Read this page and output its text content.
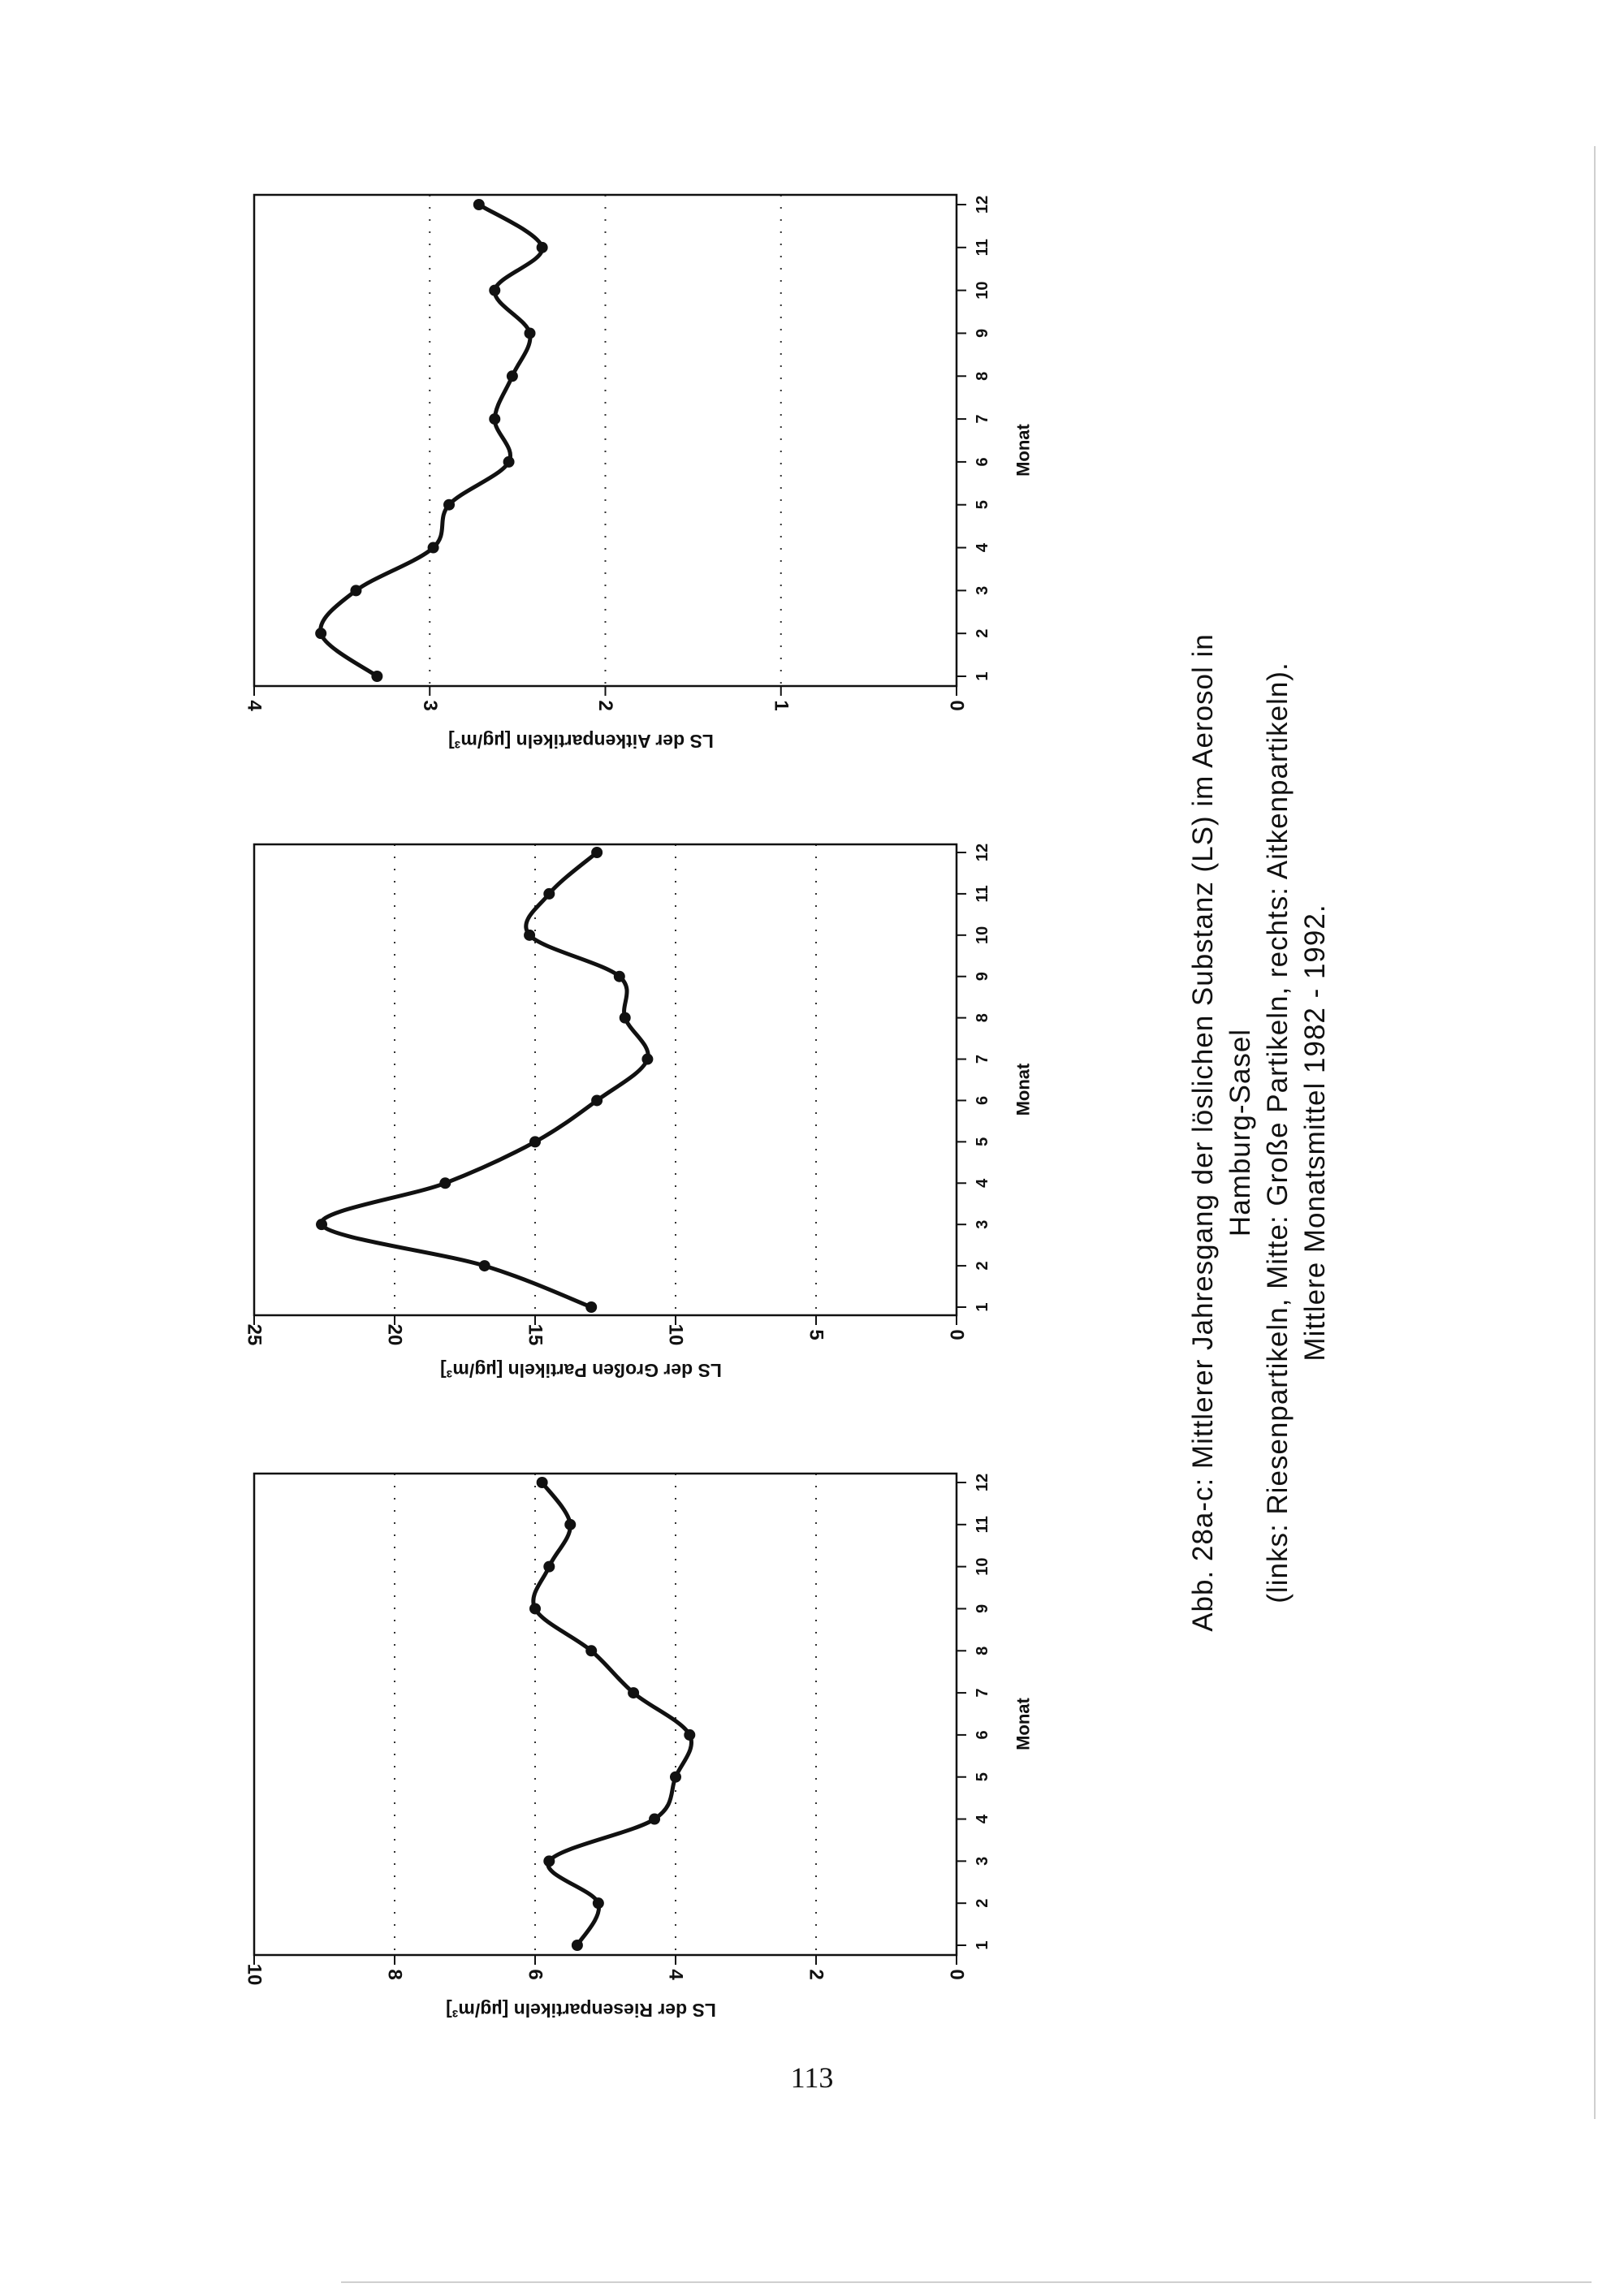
0
2
4
6
8
10
1
2
3
4
5
6
7
8
9
10
11
12
Monat
LS der Riesenpartikeln [µg/m³]
0
5
10
15
20
25
1
2
3
4
5
6
7
8
9
10
11
12
Monat
LS der Großen Partikeln [µg/m³]
0
1
2
3
4
1
2
3
4
5
6
7
8
9
10
11
12
Monat
LS der Aitkenpartikeln [µg/m³]	Abb. 28a-c: Mittlerer Jahresgang der löslichen Substanz (LS) im Aerosol in Hamburg-Sasel (links: Riesenpartikeln, Mitte: Große Partikeln, rechts: Aitkenpartikeln). Mittlere Monatsmittel 1982 - 1992.
113
